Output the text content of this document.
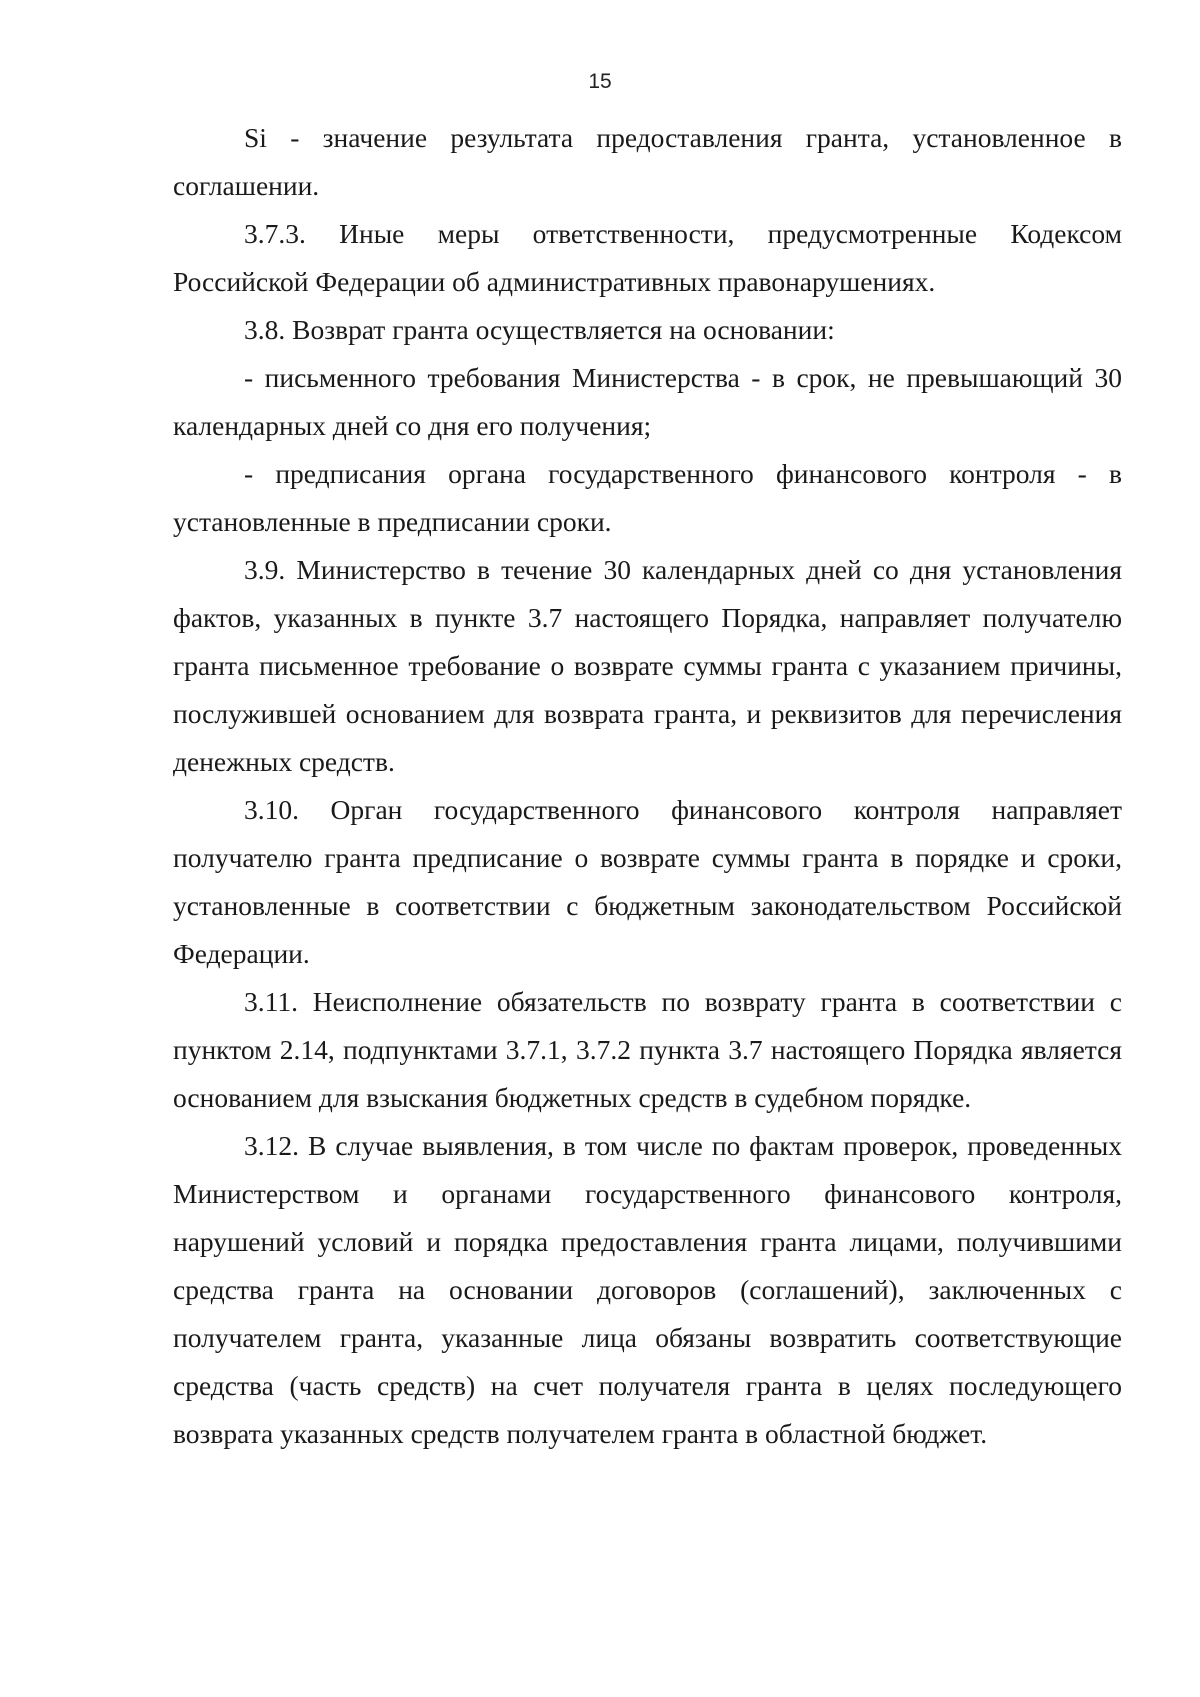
15

Si - значение результата предоставления гранта, установленное в соглашении.

3.7.3. Иные меры ответственности, предусмотренные Кодексом Российской Федерации об административных правонарушениях.

3.8. Возврат гранта осуществляется на основании:

- письменного требования Министерства - в срок, не превышающий 30 календарных дней со дня его получения;

- предписания органа государственного финансового контроля - в установленные в предписании сроки.

3.9. Министерство в течение 30 календарных дней со дня установления фактов, указанных в пункте 3.7 настоящего Порядка, направляет получателю гранта письменное требование о возврате суммы гранта с указанием причины, послужившей основанием для возврата гранта, и реквизитов для перечисления денежных средств.

3.10. Орган государственного финансового контроля направляет получателю гранта предписание о возврате суммы гранта в порядке и сроки, установленные в соответствии с бюджетным законодательством Российской Федерации.

3.11. Неисполнение обязательств по возврату гранта в соответствии с пунктом 2.14, подпунктами 3.7.1, 3.7.2 пункта 3.7 настоящего Порядка является основанием для взыскания бюджетных средств в судебном порядке.

3.12. В случае выявления, в том числе по фактам проверок, проведенных Министерством и органами государственного финансового контроля, нарушений условий и порядка предоставления гранта лицами, получившими средства гранта на основании договоров (соглашений), заключенных с получателем гранта, указанные лица обязаны возвратить соответствующие средства (часть средств) на счет получателя гранта в целях последующего возврата указанных средств получателем гранта в областной бюджет.
